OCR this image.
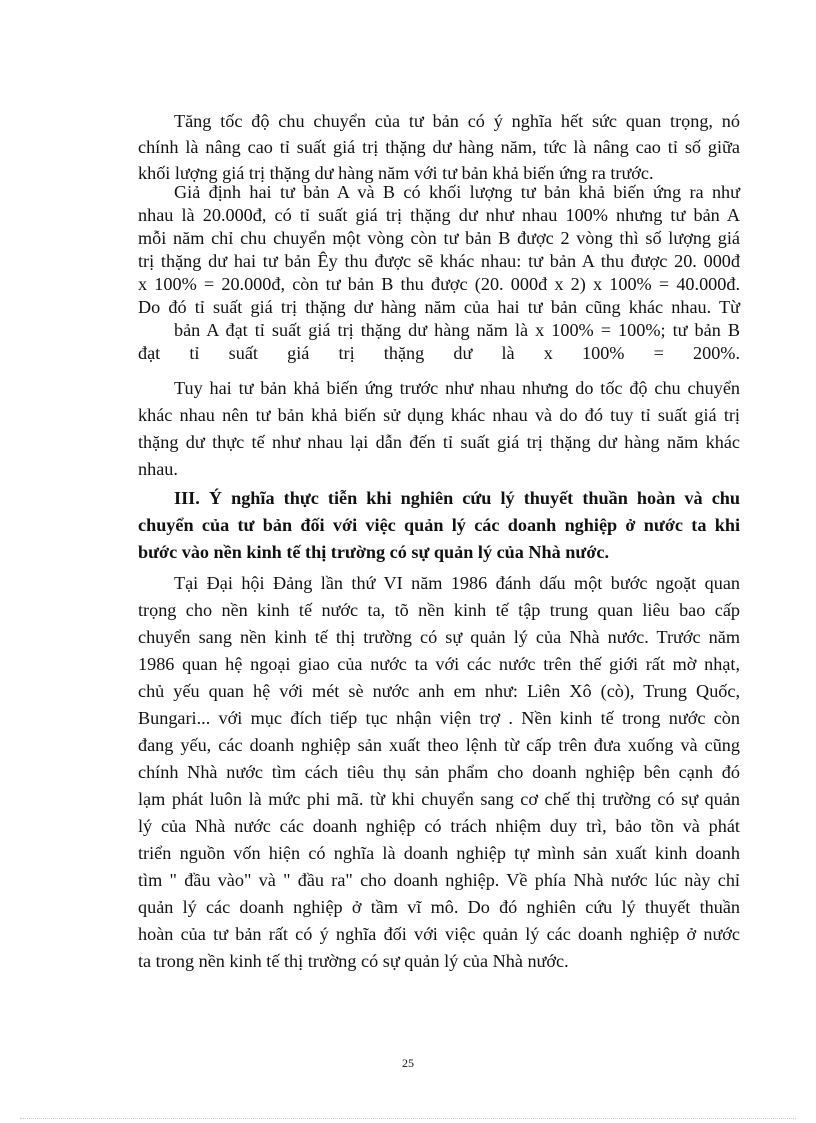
Tăng tốc độ chu chuyển của tư bản có ý nghĩa hết sức quan trọng, nó
chính là nâng cao tỉ suất giá trị thặng dư hàng năm, tức là nâng cao tỉ số giữa
khối lượng giá trị thặng dư hàng năm với tư bản khả biến ứng ra trước.
Giả định hai tư bản A và B có khối lượng tư bản khả biến ứng ra như
nhau là 20.000đ, có tỉ suất giá trị thặng dư như nhau 100% nhưng tư bản A
mỗi năm chỉ chu chuyển một vòng còn tư bản B được 2 vòng thì số lượng giá
trị thặng dư hai tư bản Êy thu được sẽ khác nhau: tư bản A thu được 20. 000đ
x 100% = 20.000đ, còn tư bản B thu được (20. 000đ x 2) x 100% = 40.000đ.
Do đó tỉ suất giá trị thặng dư hàng năm của hai tư bản cũng khác nhau. Từ
bản A đạt tỉ suất giá trị thặng dư hàng năm là x 100% = 100%; tư bản B
đạt tỉ suất giá trị thặng dư là x 100% = 200%.
Tuy hai tư bản khả biến ứng trước như nhau nhưng do tốc độ chu chuyển
khác nhau nên tư bản khả biến sử dụng khác nhau và do đó tuy tỉ suất giá trị
thặng dư thực tế như nhau lại dẫn đến tỉ suất giá trị thặng dư hàng năm khác
nhau.
III. Ý nghĩa thực tiễn khi nghiên cứu lý thuyết thuần hoàn và chu
chuyển của tư bản đối với việc quản lý các doanh nghiệp ở nước ta khi
bước vào nền kinh tế thị trường có sự quản lý của Nhà nước.
Tại Đại hội Đảng lần thứ VI năm 1986 đánh dấu một bước ngoặt quan
trọng cho nền kinh tế nước ta, tõ nền kinh tế tập trung quan liêu bao cấp
chuyển sang nền kinh tế thị trường có sự quản lý của Nhà nước. Trước năm
1986 quan hệ ngoại giao của nước ta với các nước trên thế giới rất mờ nhạt,
chủ yếu quan hệ với mét sè nước anh em như: Liên Xô (cò), Trung Quốc,
Bungari... với mục đích tiếp tục nhận viện trợ . Nền kinh tế trong nước còn
đang yếu, các doanh nghiệp sản xuất theo lệnh từ cấp trên đưa xuống và cũng
chính Nhà nước tìm cách tiêu thụ sản phẩm cho doanh nghiệp bên cạnh đó
lạm phát luôn là mức phi mã. từ khi chuyển sang cơ chế thị trường có sự quản
lý của Nhà nước các doanh nghiệp có trách nhiệm duy trì, bảo tồn và phát
triển nguồn vốn hiện có nghĩa là doanh nghiệp tự mình sản xuất kinh doanh
tìm " đầu vào" và " đầu ra" cho doanh nghiệp. Về phía Nhà nước lúc này chỉ
quản lý các doanh nghiệp ở tầm vĩ mô. Do đó nghiên cứu lý thuyết thuần
hoàn của tư bản rất có ý nghĩa đối với việc quản lý các doanh nghiệp ở nước
ta trong nền kinh tế thị trường có sự quản lý của Nhà nước.
25
